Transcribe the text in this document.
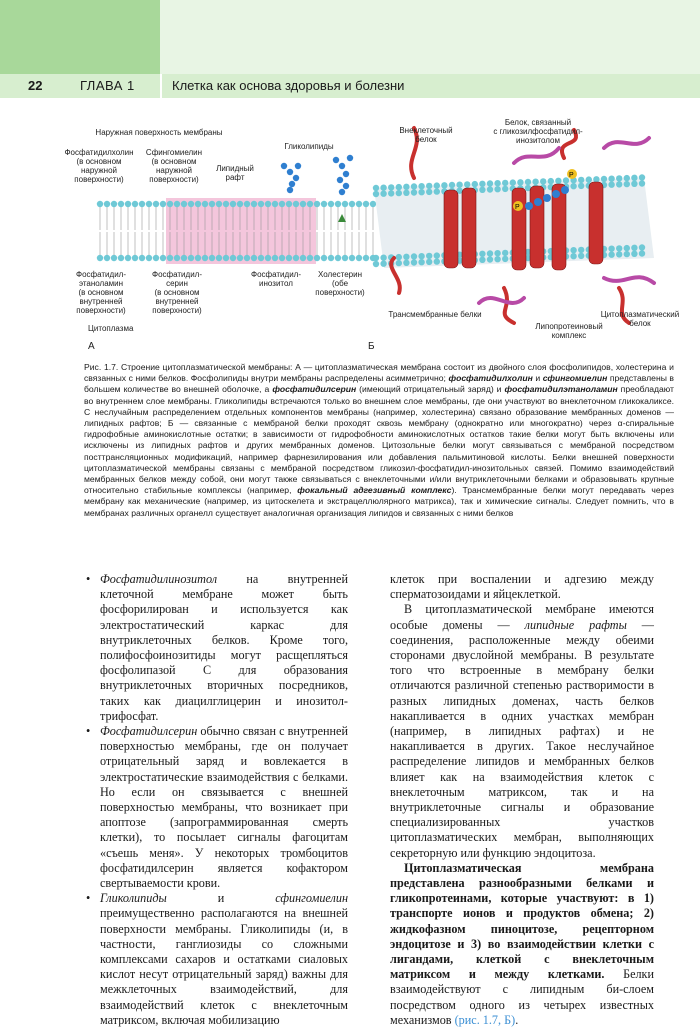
22	ГЛАВА 1	Клетка как основа здоровья и болезни
P
P
Наружная поверхность мембраны
Фосфатидилхолин
(в основном
наружной
поверхности)
Сфингомиелин
(в основном
наружной
поверхности)
Гликолипиды
Липидный
рафт
Фосфатидил-
этаноламин
(в основном
внутренней
поверхности)
Фосфатидил-
серин
(в основном
внутренней
поверхности)
Фосфатидил-
инозитол
Холестерин
(обе
поверхности)
Цитоплазма
А
Внеклеточный
белок
Белок, связанный
с гликозилфосфатидил-
инозитолом
Трансмембранные белки
Липопротеиновый
комплекс
Цитоплазматический
белок
Б
Рис. 1.7. Строение цитоплазматической мембраны: А — цитоплазматическая мембрана состоит из двойного слоя фосфолипидов, холестерина и связанных с ними белков. Фосфолипиды внутри мембраны распределены асимметрично; фосфатидилхолин и сфингомиелин представлены в большем количестве во внешней оболочке, а фосфатидилсерин (имеющий отрицательный заряд) и фосфатидилэтаноламин преобладают во внутреннем слое мембраны. Гликолипиды встречаются только во внешнем слое мембраны, где они участвуют во внеклеточном гликокаликсе. С неслучайным распределением отдельных компонентов мембраны (например, холестерина) связано образование мембранных доменов — липидных рафтов; Б — связанные с мембраной белки проходят сквозь мембрану (однократно или многократно) через α-спиральные гидрофобные аминокислотные остатки; в зависимости от гидрофобности аминокислотных остатков такие белки могут быть включены или исключены из липидных рафтов и других мембранных доменов. Цитозольные белки могут связываться с мембраной посредством посттрансляционных модификаций, например фарнезилирования или добавления пальмитиновой кислоты. Белки внешней поверхности цитоплазматической мембраны связаны с мембраной посредством гликозил-фосфатидил-инозитольных связей. Помимо взаимодействий мембранных белков между собой, они могут также связываться с внеклеточными и/или внутриклеточными белками и образовывать крупные относительно стабильные комплексы (например, фокальный адгезивный комплекс). Трансмембранные белки могут передавать через мембрану как механические (например, из цитоскелета и экстрацеллюлярного матрикса), так и химические сигналы. Следует помнить, что в мембранах различных органелл существует аналогичная организация липидов и связанных с ними белков

• Фосфатидилинозитол на внутренней клеточной мембране может быть фосфорилирован и используется как электростатический каркас для внутриклеточных белков. Кроме того, полифосфоинозитиды могут расщепляться фосфолипазой С для образования внутриклеточных вторичных посредников, таких как диацилглицерин и инозитол-трифосфат.

• Фосфатидилсерин обычно связан с внутренней поверхностью мембраны, где он получает отрицательный заряд и вовлекается в электростатические взаимодействия с белками. Но если он связывается с внешней поверхностью мембраны, что возникает при апоптозе (запрограммированная смерть клетки), то посылает сигналы фагоцитам «съешь меня». У некоторых тромбоцитов фосфатидилсерин является кофактором свертываемости крови.

• Гликолипиды и сфингомиелин преимущественно располагаются на внешней поверхности мембраны. Гликолипиды (и, в частности, ганглиозиды со сложными комплексами сахаров и остатками сиаловых кислот несут отрицательный заряд) важны для межклеточных взаимодействий, для взаимодействий клеток с внеклеточным матриксом, включая мобилизацию

клеток при воспалении и адгезию между сперматозоидами и яйцеклеткой.

В цитоплазматической мембране имеются особые домены — липидные рафты — соединения, расположенные между обеими сторонами двуслойной мембраны. В результате того что встроенные в мембрану белки отличаются различной степенью растворимости в разных липидных доменах, часть белков накапливается в одних участках мембран (например, в липидных рафтах) и не накапливается в других. Такое неслучайное распределение липидов и мембранных белков влияет как на взаимодействия клеток с внеклеточным матриксом, так и на внутриклеточные сигналы и образование специализированных участков цитоплазматических мембран, выполняющих секреторную или функцию эндоцитоза.

Цитоплазматическая мембрана представлена разнообразными белками и гликопротеинами, которые участвуют: в 1) транспорте ионов и продуктов обмена; 2) жидкофазном пиноцитозе, рецепторном эндоцитозе и 3) во взаимодействии клетки с лигандами, клеткой с внеклеточным матриксом и между клетками. Белки взаимодействуют с липидным би-слоем посредством одного из четырех известных механизмов (рис. 1.7, Б).
